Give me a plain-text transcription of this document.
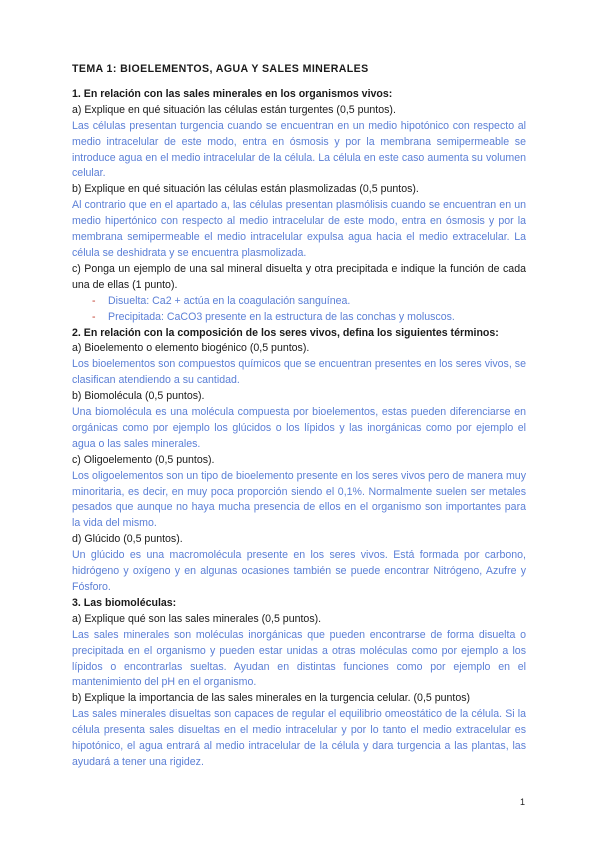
TEMA 1: BIOELEMENTOS, AGUA Y SALES MINERALES
1. En relación con las sales minerales en los organismos vivos:
a) Explique en qué situación las células están turgentes (0,5 puntos).
Las células presentan turgencia cuando se encuentran en un medio hipotónico con respecto al medio intracelular de este modo, entra en ósmosis y por la membrana semipermeable se introduce agua en el medio intracelular de la célula. La célula en este caso aumenta su volumen celular.
b) Explique en qué situación las células están plasmolizadas (0,5 puntos).
Al contrario que en el apartado a, las células presentan plasmólisis cuando se encuentran en un medio hipertónico con respecto al medio intracelular de este modo, entra en ósmosis y por la membrana semipermeable el medio intracelular expulsa agua hacia el medio extracelular. La célula se deshidrata y se encuentra plasmolizada.
c) Ponga un ejemplo de una sal mineral disuelta y otra precipitada e indique la función de cada una de ellas (1 punto).
- Disuelta: Ca2 + actúa en la coagulación sanguínea.
- Precipitada: CaCO3 presente en la estructura de las conchas y moluscos.
2. En relación con la composición de los seres vivos, defina los siguientes términos:
a) Bioelemento o elemento biogénico (0,5 puntos).
Los bioelementos son compuestos químicos que se encuentran presentes en los seres vivos, se clasifican atendiendo a su cantidad.
b) Biomolécula (0,5 puntos).
Una biomolécula es una molécula compuesta por bioelementos, estas pueden diferenciarse en orgánicas como por ejemplo los glúcidos o los lípidos y las inorgánicas como por ejemplo el agua o las sales minerales.
c) Oligoelemento (0,5 puntos).
Los oligoelementos son un tipo de bioelemento presente en los seres vivos pero de manera muy minoritaria, es decir, en muy poca proporción siendo el 0,1%. Normalmente suelen ser metales pesados que aunque no haya mucha presencia de ellos en el organismo son importantes para la vida del mismo.
d) Glúcido (0,5 puntos).
Un glúcido es una macromolécula presente en los seres vivos. Está formada por carbono, hidrógeno y oxígeno y en algunas ocasiones también se puede encontrar Nitrógeno, Azufre y Fósforo.
3. Las biomoléculas:
a) Explique qué son las sales minerales (0,5 puntos).
Las sales minerales son moléculas inorgánicas que pueden encontrarse de forma disuelta o precipitada en el organismo y pueden estar unidas a otras moléculas como por ejemplo a los lípidos o encontrarlas sueltas. Ayudan en distintas funciones como por ejemplo en el mantenimiento del pH en el organismo.
b) Explique la importancia de las sales minerales en la turgencia celular. (0,5 puntos)
Las sales minerales disueltas son capaces de regular el equilibrio omeostático de la célula. Si la célula presenta sales disueltas en el medio intracelular y por lo tanto el medio extracelular es hipotónico, el agua entrará al medio intracelular de la célula y dara turgencia a las plantas, las ayudará a tener una rigidez.
1
